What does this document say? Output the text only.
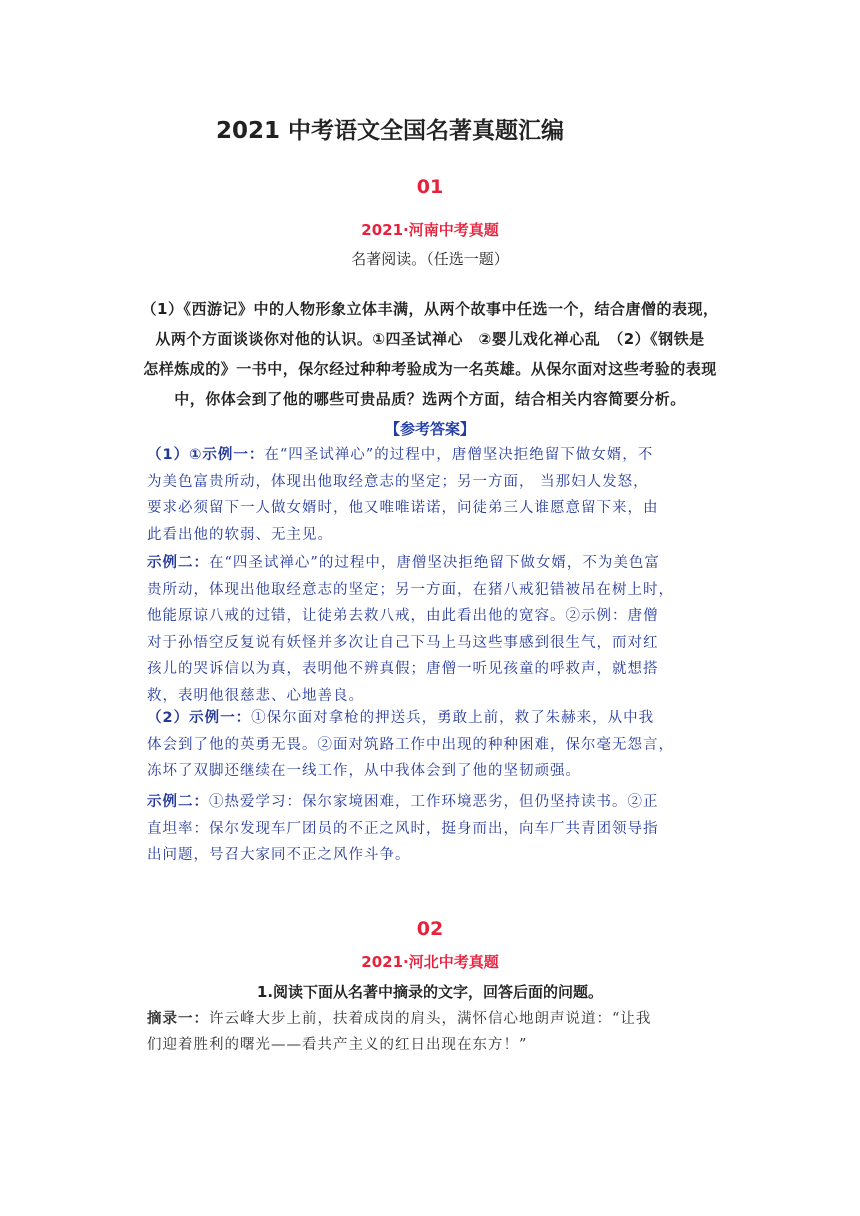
2021 中考语文全国名著真题汇编
01
2021·河南中考真题
名著阅读。（任选一题）
（1）《西游记》中的人物形象立体丰满，从两个故事中任选一个，结合唐僧的表现，
从两个方面谈谈你对他的认识。①四圣试禅心　②婴儿戏化禅心乱　（2）《钢铁是
怎样炼成的》一书中，保尔经过种种考验成为一名英雄。从保尔面对这些考验的表现
中，你体会到了他的哪些可贵品质？选两个方面，结合相关内容简要分析。
【参考答案】
（1）①示例一：在“四圣试禅心”的过程中，唐僧坚决拒绝留下做女婿，不
为美色富贵所动，体现出他取经意志的坚定；另一方面， 当那妇人发怒，
要求必须留下一人做女婿时，他又唯唯诺诺，问徒弟三人谁愿意留下来，由
此看出他的软弱、无主见。
示例二：在“四圣试禅心”的过程中，唐僧坚决拒绝留下做女婿，不为美色富
贵所动，体现出他取经意志的坚定；另一方面，在猪八戒犯错被吊在树上时，
他能原谅八戒的过错，让徒弟去救八戒，由此看出他的宽容。②示例：唐僧
对于孙悟空反复说有妖怪并多次让自己下马上马这些事感到很生气，而对红
孩儿的哭诉信以为真，表明他不辨真假；唐僧一听见孩童的呼救声，就想搭
救，表明他很慈悲、心地善良。
（2）示例一：①保尔面对拿枪的押送兵，勇敢上前，救了朱赫来，从中我
体会到了他的英勇无畏。②面对筑路工作中出现的种种困难，保尔毫无怨言，
冻坏了双脚还继续在一线工作，从中我体会到了他的坚韧顽强。
示例二：①热爱学习：保尔家境困难，工作环境恶劣，但仍坚持读书。②正
直坦率：保尔发现车厂团员的不正之风时，挺身而出，向车厂共青团领导指
出问题，号召大家同不正之风作斗争。
02
2021·河北中考真题
1.阅读下面从名著中摘录的文字，回答后面的问题。
摘录一：许云峰大步上前，扶着成岗的肩头，满怀信心地朗声说道：“让我
们迎着胜利的曙光——看共产主义的红日出现在东方！”
